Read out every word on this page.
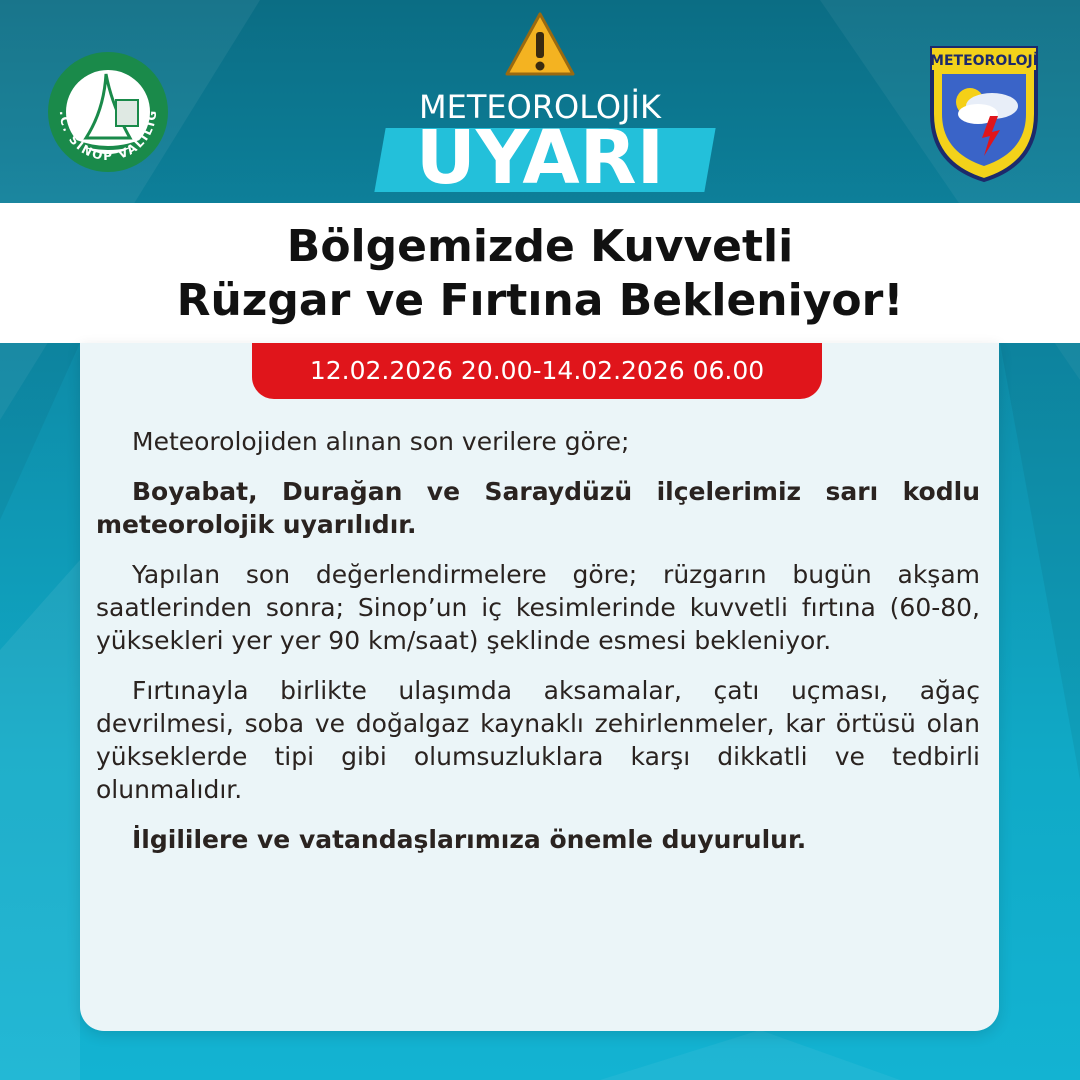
.C. SİNOP VALİLİĞ	METEOROLOJİK
UYARI
METEOROLOJİ
Bölgemizde Kuvvetli
Rüzgar ve Fırtına Bekleniyor!
12.02.2026 20.00-14.02.2026 06.00

Meteorolojiden alınan son verilere göre;

Boyabat, Durağan ve Saraydüzü ilçelerimiz sarı kodlu meteorolojik uyarılıdır.

Yapılan son değerlendirmelere göre; rüzgarın bugün akşam saatlerinden sonra; Sinop’un iç kesimlerinde kuvvetli fırtına (60-80, yüksekleri yer yer 90 km/saat) şeklinde esmesi bekleniyor.

Fırtınayla birlikte ulaşımda aksamalar, çatı uçması, ağaç devrilmesi, soba ve doğalgaz kaynaklı zehirlenmeler, kar örtüsü olan yükseklerde tipi gibi olumsuzluklara karşı dikkatli ve tedbirli olunmalıdır.

İlgililere ve vatandaşlarımıza önemle duyurulur.
